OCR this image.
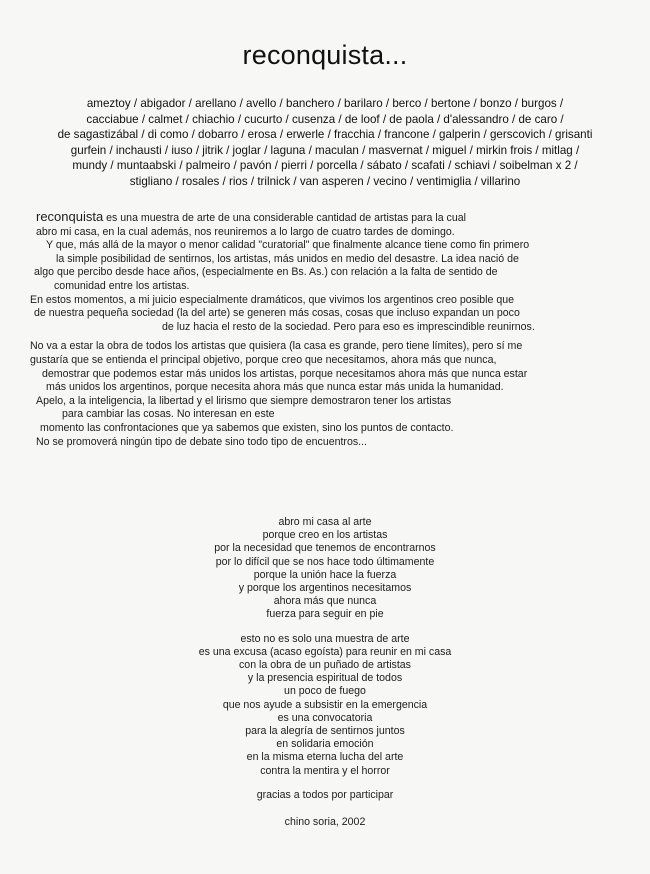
reconquista...
ameztoy / abigador / arellano / avello / banchero / barilaro / berco / bertone / bonzo / burgos /
cacciabue / calmet / chiachio / cucurto / cusenza / de loof / de paola / d'alessandro / de caro /
de sagastizábal / di como / dobarro / erosa / erwerle / fracchia / francone / galperin / gerscovich / grisanti
gurfein / inchausti / iuso / jitrik / joglar / laguna / maculan / masvernat / miguel / mirkin frois / mitlag /
mundy / muntaabski / palmeiro / pavón / pierri / porcella / sábato / scafati / schiavi / soibelman x 2 /
stigliano / rosales / rios / trilnick / van asperen / vecino / ventimiglia / villarino
reconquista es una muestra de arte de una considerable cantidad de artistas para la cual
abro mi casa, en la cual además, nos reuniremos a lo largo de cuatro tardes de domingo.
Y que, más allá de la mayor o menor calidad "curatorial" que finalmente alcance tiene como fin primero
la simple posibilidad de sentirnos, los artistas, más unidos en medio del desastre. La idea nació de
algo que percibo desde hace años, (especialmente en Bs. As.) con relación a la falta de sentido de
comunidad entre los artistas.
En estos momentos, a mi juicio especialmente dramáticos, que vivimos los argentinos creo posible que
de nuestra pequeña sociedad (la del arte) se generen más cosas, cosas que incluso expandan un poco
de luz hacia el resto de la sociedad. Pero para eso es imprescindible reunirnos.
No va a estar la obra de todos los artistas que quisiera (la casa es grande, pero tiene límites), pero sí me
gustaría que se entienda el principal objetivo, porque creo que necesitamos, ahora más que nunca,
demostrar que podemos estar más unidos los artistas, porque necesitamos ahora más que nunca estar
más unidos los argentinos, porque necesita ahora más que nunca estar más unida la humanidad.
Apelo, a la inteligencia, la libertad y el lirismo que siempre demostraron tener los artistas
para cambiar las cosas. No interesan en este
momento las confrontaciones que ya sabemos que existen, sino los puntos de contacto.
No se promoverá ningún tipo de debate sino todo tipo de encuentros...
abro mi casa al arte
porque creo en los artistas
por la necesidad que tenemos de encontrarnos
por lo difícil que se nos hace todo últimamente
porque la unión hace la fuerza
y porque los argentinos necesitamos
ahora más que nunca
fuerza para seguir en pie
esto no es solo una muestra de arte
es una excusa (acaso egoísta) para reunir en mi casa
con la obra de un puñado de artistas
y la presencia espiritual de todos
un poco de fuego
que nos ayude a subsistir en la emergencia
es una convocatoria
para la alegría de sentirnos juntos
en solidaria emoción
en la misma eterna lucha del arte
contra la mentira y el horror
gracias a todos por participar
chino soria, 2002
